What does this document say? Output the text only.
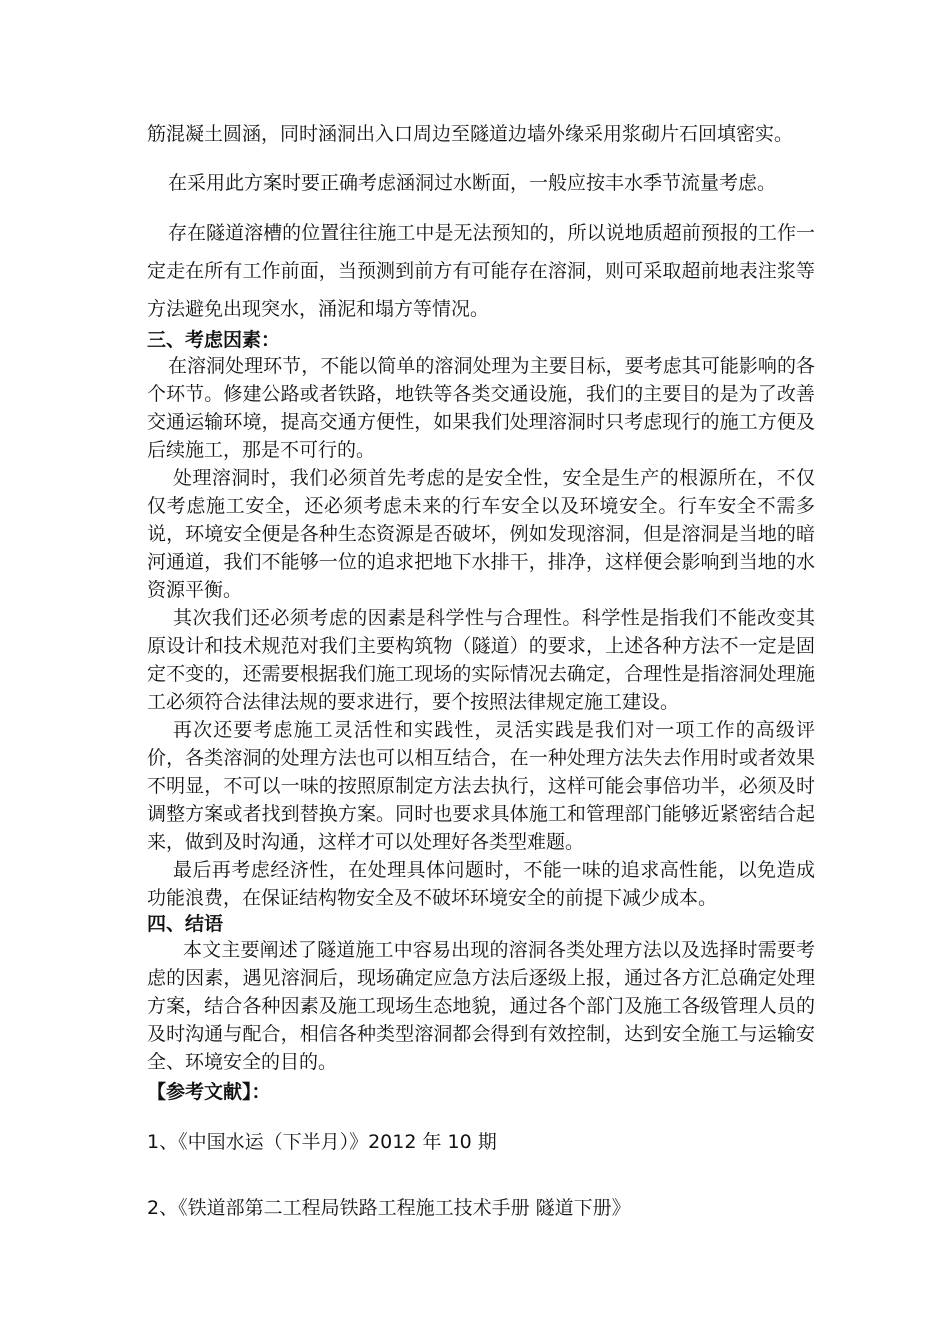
筋混凝土圆涵，同时涵洞出入口周边至隧道边墙外缘采用浆砌片石回填密实。

在采用此方案时要正确考虑涵洞过水断面，一般应按丰水季节流量考虑。

存在隧道溶槽的位置往往施工中是无法预知的，所以说地质超前预报的工作一定走在所有工作前面，当预测到前方有可能存在溶洞，则可采取超前地表注浆等方法避免出现突水，涌泥和塌方等情况。

三、考虑因素：

在溶洞处理环节，不能以简单的溶洞处理为主要目标，要考虑其可能影响的各个环节。修建公路或者铁路，地铁等各类交通设施，我们的主要目的是为了改善交通运输环境，提高交通方便性，如果我们处理溶洞时只考虑现行的施工方便及后续施工，那是不可行的。

处理溶洞时，我们必须首先考虑的是安全性，安全是生产的根源所在，不仅仅考虑施工安全，还必须考虑未来的行车安全以及环境安全。行车安全不需多说，环境安全便是各种生态资源是否破坏，例如发现溶洞，但是溶洞是当地的暗河通道，我们不能够一位的追求把地下水排干，排净，这样便会影响到当地的水资源平衡。

其次我们还必须考虑的因素是科学性与合理性。科学性是指我们不能改变其原设计和技术规范对我们主要构筑物（隧道）的要求，上述各种方法不一定是固定不变的，还需要根据我们施工现场的实际情况去确定，合理性是指溶洞处理施工必须符合法律法规的要求进行，要个按照法律规定施工建设。

再次还要考虑施工灵活性和实践性，灵活实践是我们对一项工作的高级评价，各类溶洞的处理方法也可以相互结合，在一种处理方法失去作用时或者效果不明显，不可以一味的按照原制定方法去执行，这样可能会事倍功半，必须及时调整方案或者找到替换方案。同时也要求具体施工和管理部门能够近紧密结合起来，做到及时沟通，这样才可以处理好各类型难题。

最后再考虑经济性，在处理具体问题时，不能一味的追求高性能，以免造成功能浪费，在保证结构物安全及不破坏环境安全的前提下减少成本。

四、结语

本文主要阐述了隧道施工中容易出现的溶洞各类处理方法以及选择时需要考虑的因素，遇见溶洞后，现场确定应急方法后逐级上报，通过各方汇总确定处理方案，结合各种因素及施工现场生态地貌，通过各个部门及施工各级管理人员的及时沟通与配合，相信各种类型溶洞都会得到有效控制，达到安全施工与运输安全、环境安全的目的。

【参考文献】：

1、《中国水运（下半月）》2012 年 10 期

2、《铁道部第二工程局铁路工程施工技术手册 隧道下册》
